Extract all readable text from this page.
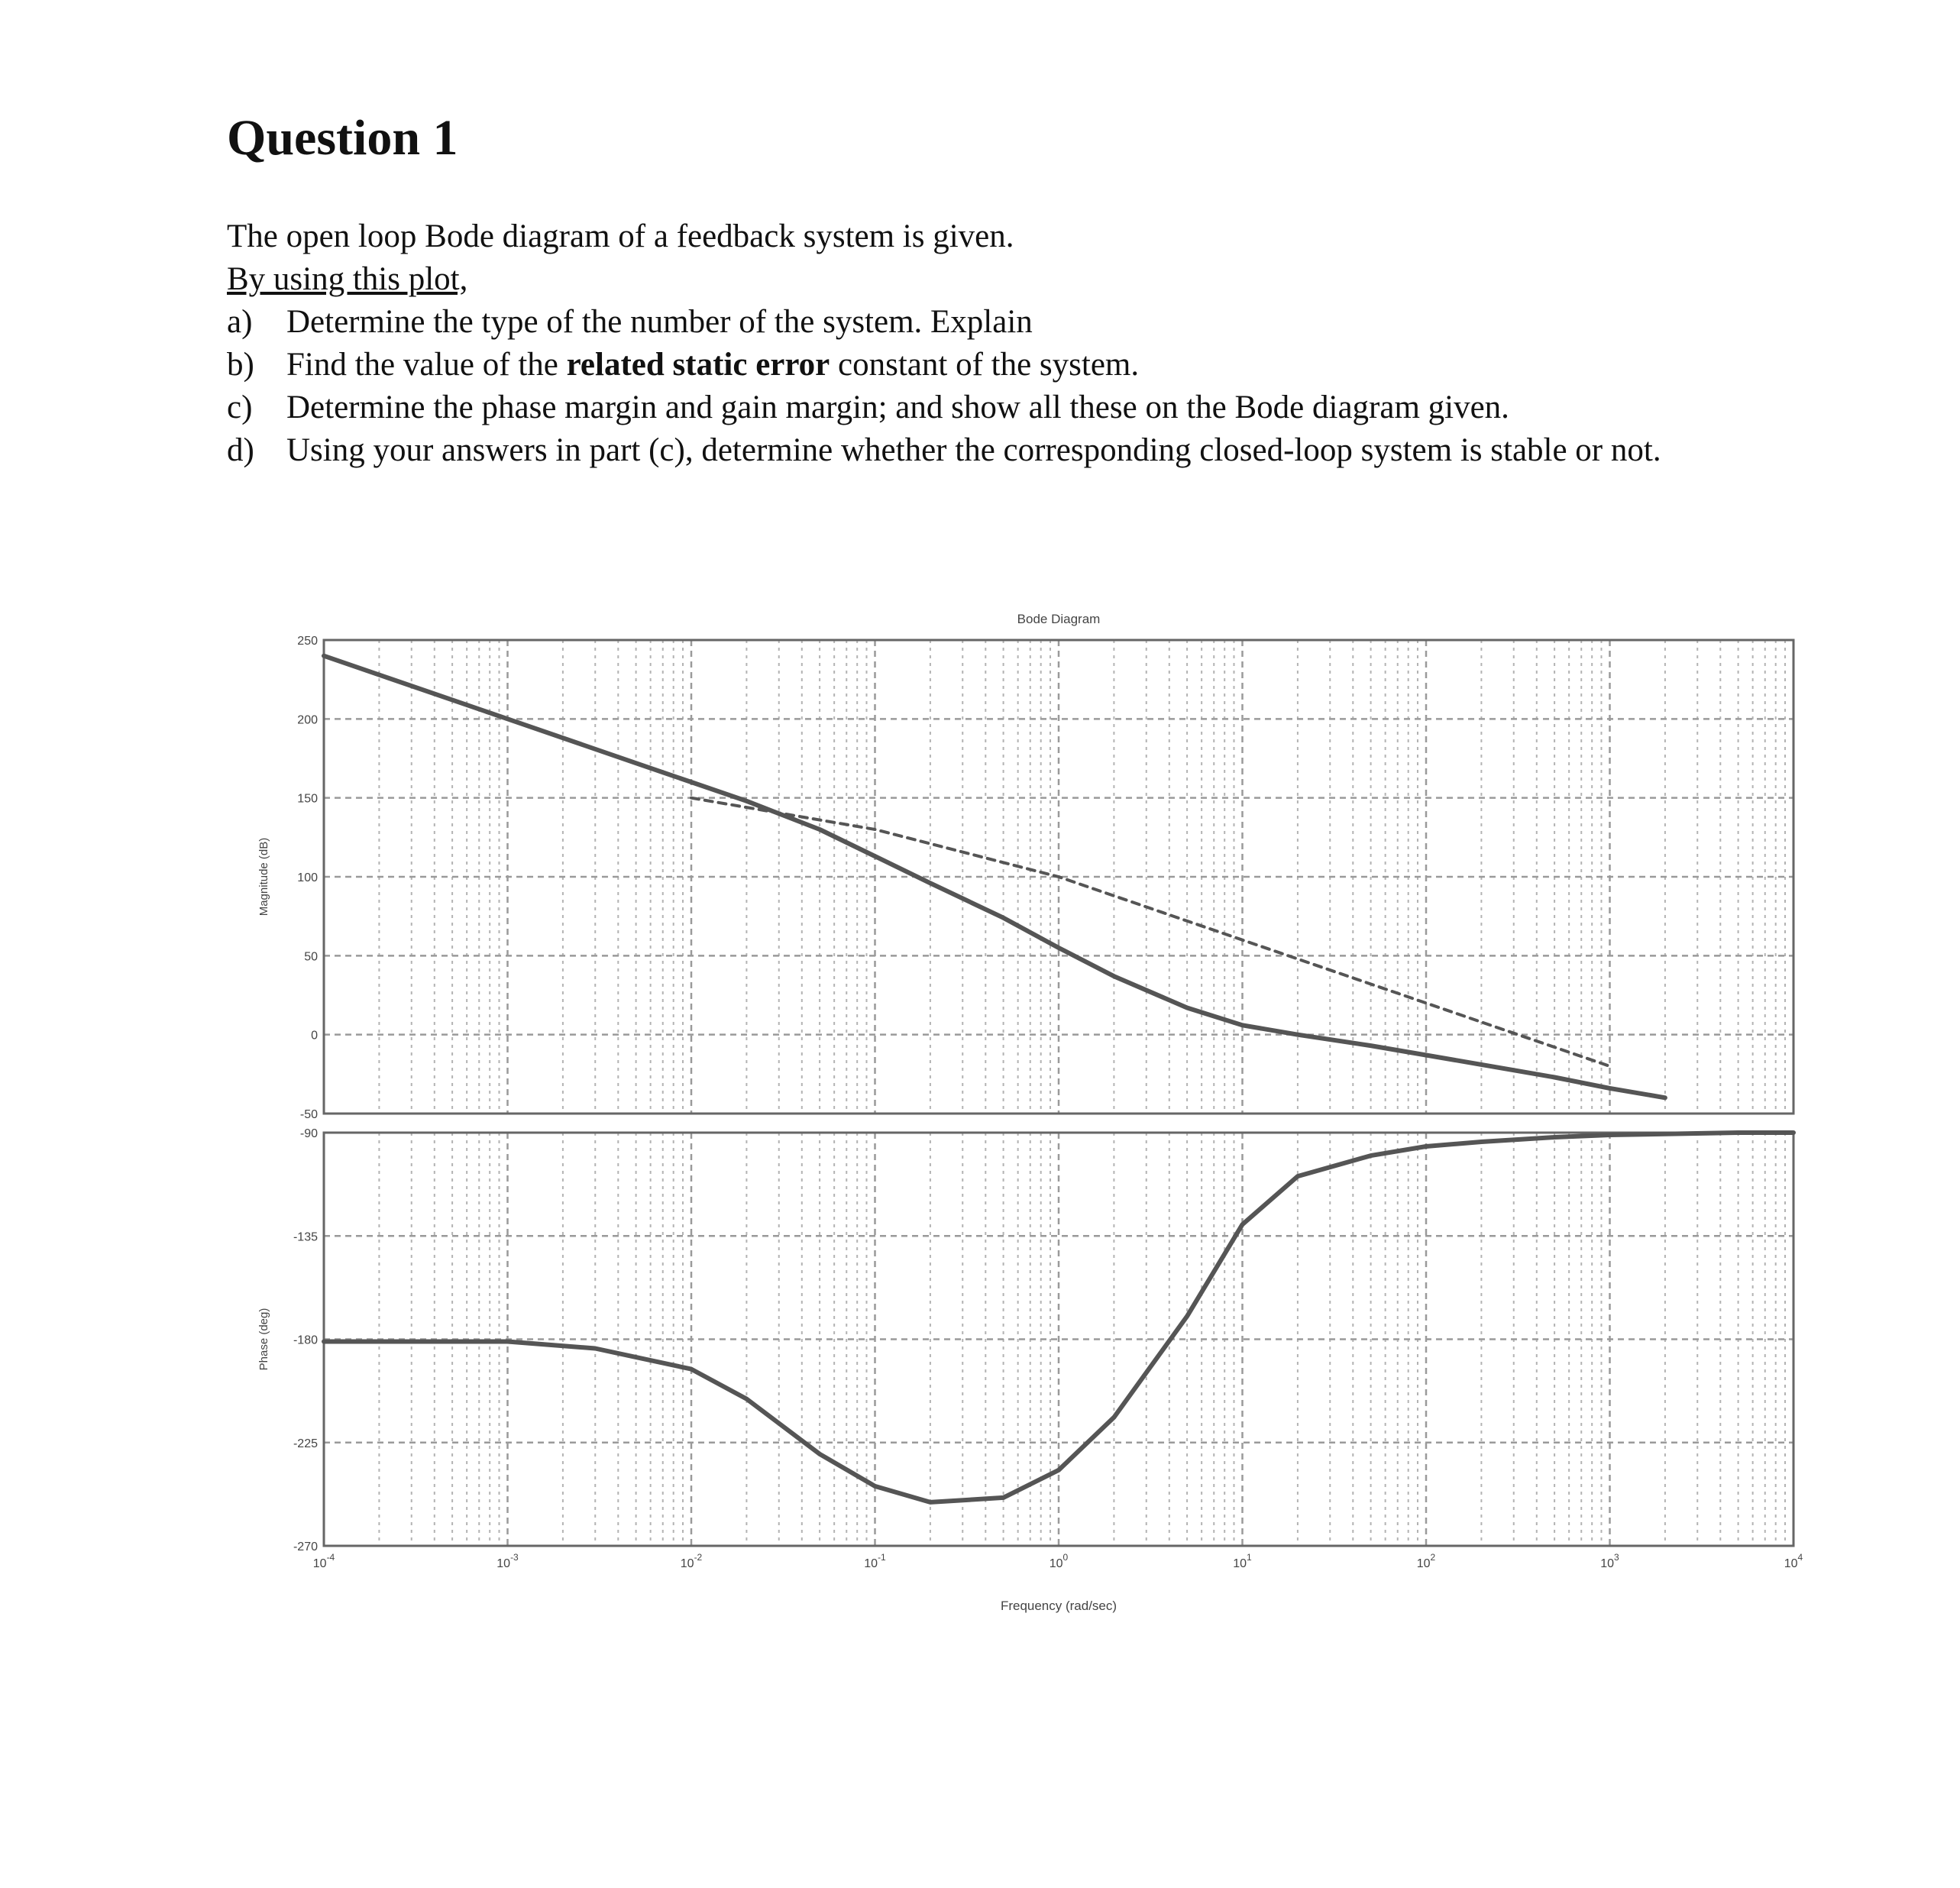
Question 1

The open loop Bode diagram of a feedback system is given.

By using this plot,

a) Determine the type of the number of the system. Explain
b) Find the value of the related static error constant of the system.
c) Determine the phase margin and gain margin; and show all these on the Bode diagram given.
d) Using your answers in part (c), determine whether the corresponding closed-loop system is stable or not.
250
200
150
100
50
0
-50
Magnitude (dB)
-90
-135
-180
-225
-270
Phase (deg)
$10^{-4}$	$10^{-3}$	$10^{-2}$	$10^{-1}$	$10^0$	$10^1$	$10^2$	$10^3$	$10^4$
Bode Diagram
Frequency (rad/sec)
